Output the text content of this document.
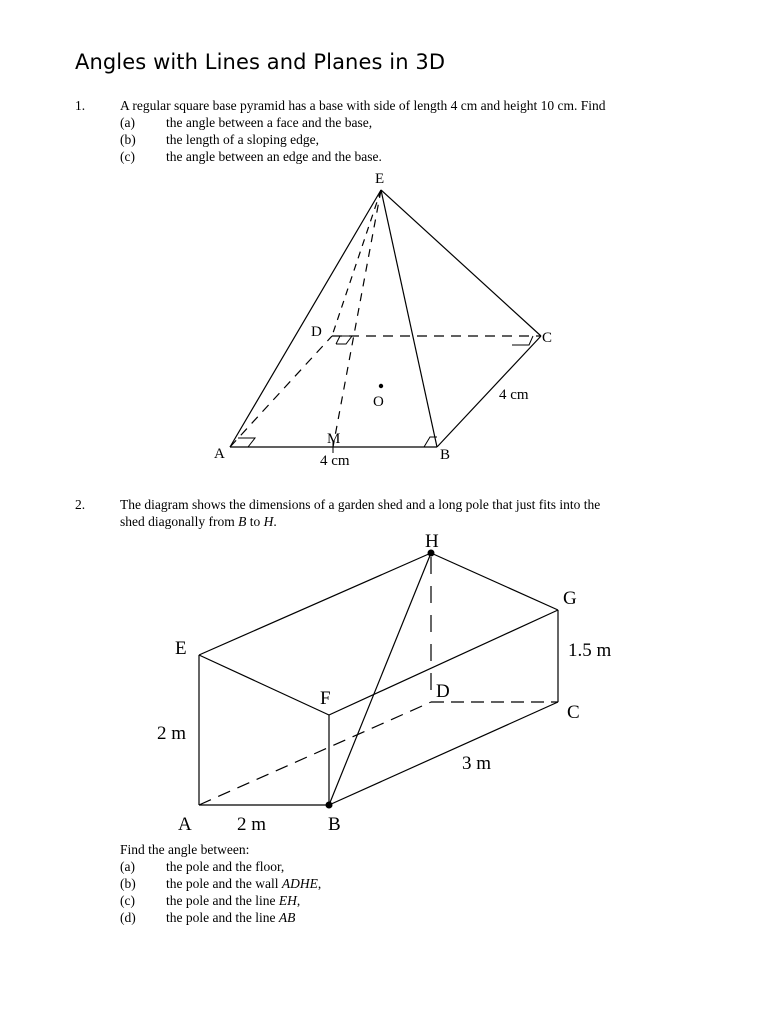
Angles with Lines and Planes in 3D
1.	A regular square base pyramid has a base with side of length 4 cm and height 10 cm. Find
(a) the angle between a face and the base,
(b) the length of a sloping edge,
(c) the angle between an edge and the base.
2.	The diagram shows the dimensions of a garden shed and a long pole that just fits into the
shed diagonally from B to H.
Find the angle between:
(a) the pole and the floor,
(b) the pole and the wall ADHE,
(c) the pole and the line EH,
(d) the pole and the line AB
E
D	C
O	4 cm
M
A	B
4 cm
H
G
E	1.5 m
F	D
C
2 m
3 m
A 2 m	B
